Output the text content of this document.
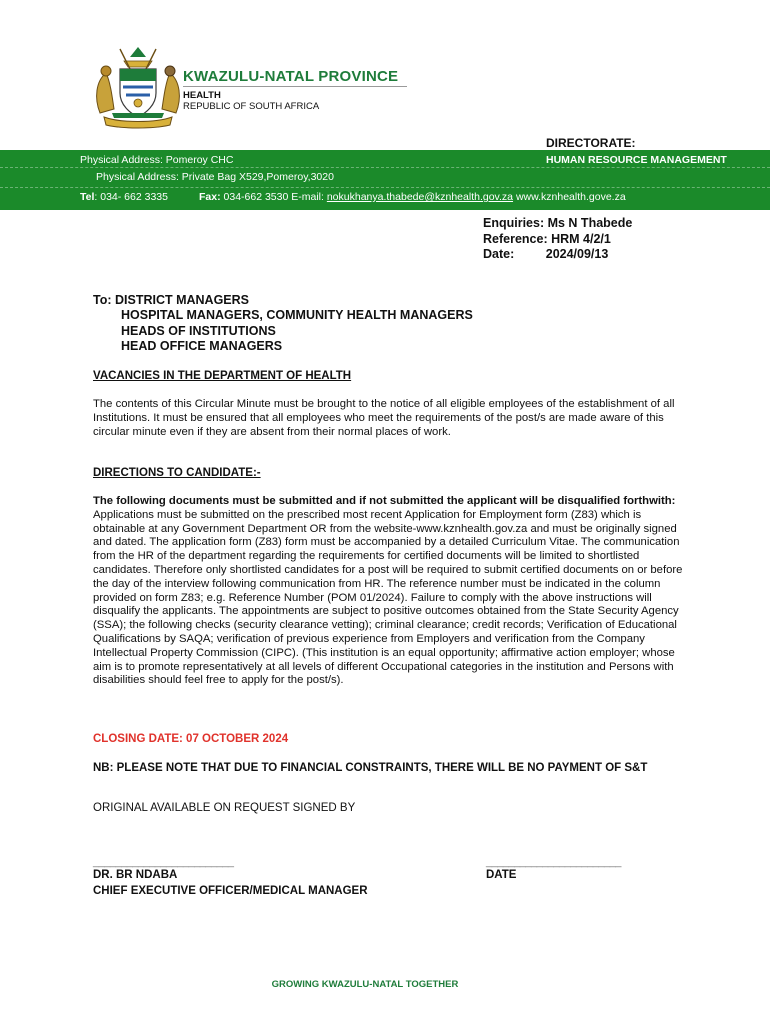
KWAZULU-NATAL PROVINCE
HEALTH
REPUBLIC OF SOUTH AFRICA
DIRECTORATE:
Physical Address: Pomeroy CHC	HUMAN RESOURCE MANAGEMENT
Physical Address: Private Bag X529,Pomeroy,3020
Tel: 034- 662 3335	Fax: 034-662 3530 E-mail: nokukhanya.thabede@kznhealth.gov.za www.kznhealth.gove.za
Enquiries: Ms N Thabede
Reference: HRM 4/2/1
Date:	2024/09/13
To: DISTRICT MANAGERS
HOSPITAL MANAGERS, COMMUNITY HEALTH MANAGERS
HEADS OF INSTITUTIONS
HEAD OFFICE MANAGERS
VACANCIES IN THE DEPARTMENT OF HEALTH
The contents of this Circular Minute must be brought to the notice of all eligible employees of the establishment of all Institutions. It must be ensured that all employees who meet the requirements of the post/s are made aware of this circular minute even if they are absent from their normal places of work.
DIRECTIONS TO CANDIDATE:-
The following documents must be submitted and if not submitted the applicant will be disqualified forthwith: Applications must be submitted on the prescribed most recent Application for Employment form (Z83) which is obtainable at any Government Department OR from the website-www.kznhealth.gov.za and must be originally signed and dated. The application form (Z83) form must be accompanied by a detailed Curriculum Vitae. The communication from the HR of the department regarding the requirements for certified documents will be limited to shortlisted candidates. Therefore only shortlisted candidates for a post will be required to submit certified documents on or before the day of the interview following communication from HR. The reference number must be indicated in the column provided on form Z83; e.g. Reference Number (POM 01/2024). Failure to comply with the above instructions will disqualify the applicants. The appointments are subject to positive outcomes obtained from the State Security Agency (SSA); the following checks (security clearance vetting); criminal clearance; credit records; Verification of Educational Qualifications by SAQA; verification of previous experience from Employers and verification from the Company Intellectual Property Commission (CIPC). (This institution is an equal opportunity; affirmative action employer; whose aim is to promote representatively at all levels of different Occupational categories in the institution and Persons with disabilities should feel free to apply for the post/s).
CLOSING DATE: 07 OCTOBER 2024
NB: PLEASE NOTE THAT DUE TO FINANCIAL CONSTRAINTS, THERE WILL BE NO PAYMENT OF S&T
ORIGINAL AVAILABLE ON REQUEST SIGNED BY
_________________________
DR. BR NDABA
CHIEF EXECUTIVE OFFICER/MEDICAL MANAGER
________________________
DATE
GROWING KWAZULU-NATAL TOGETHER
